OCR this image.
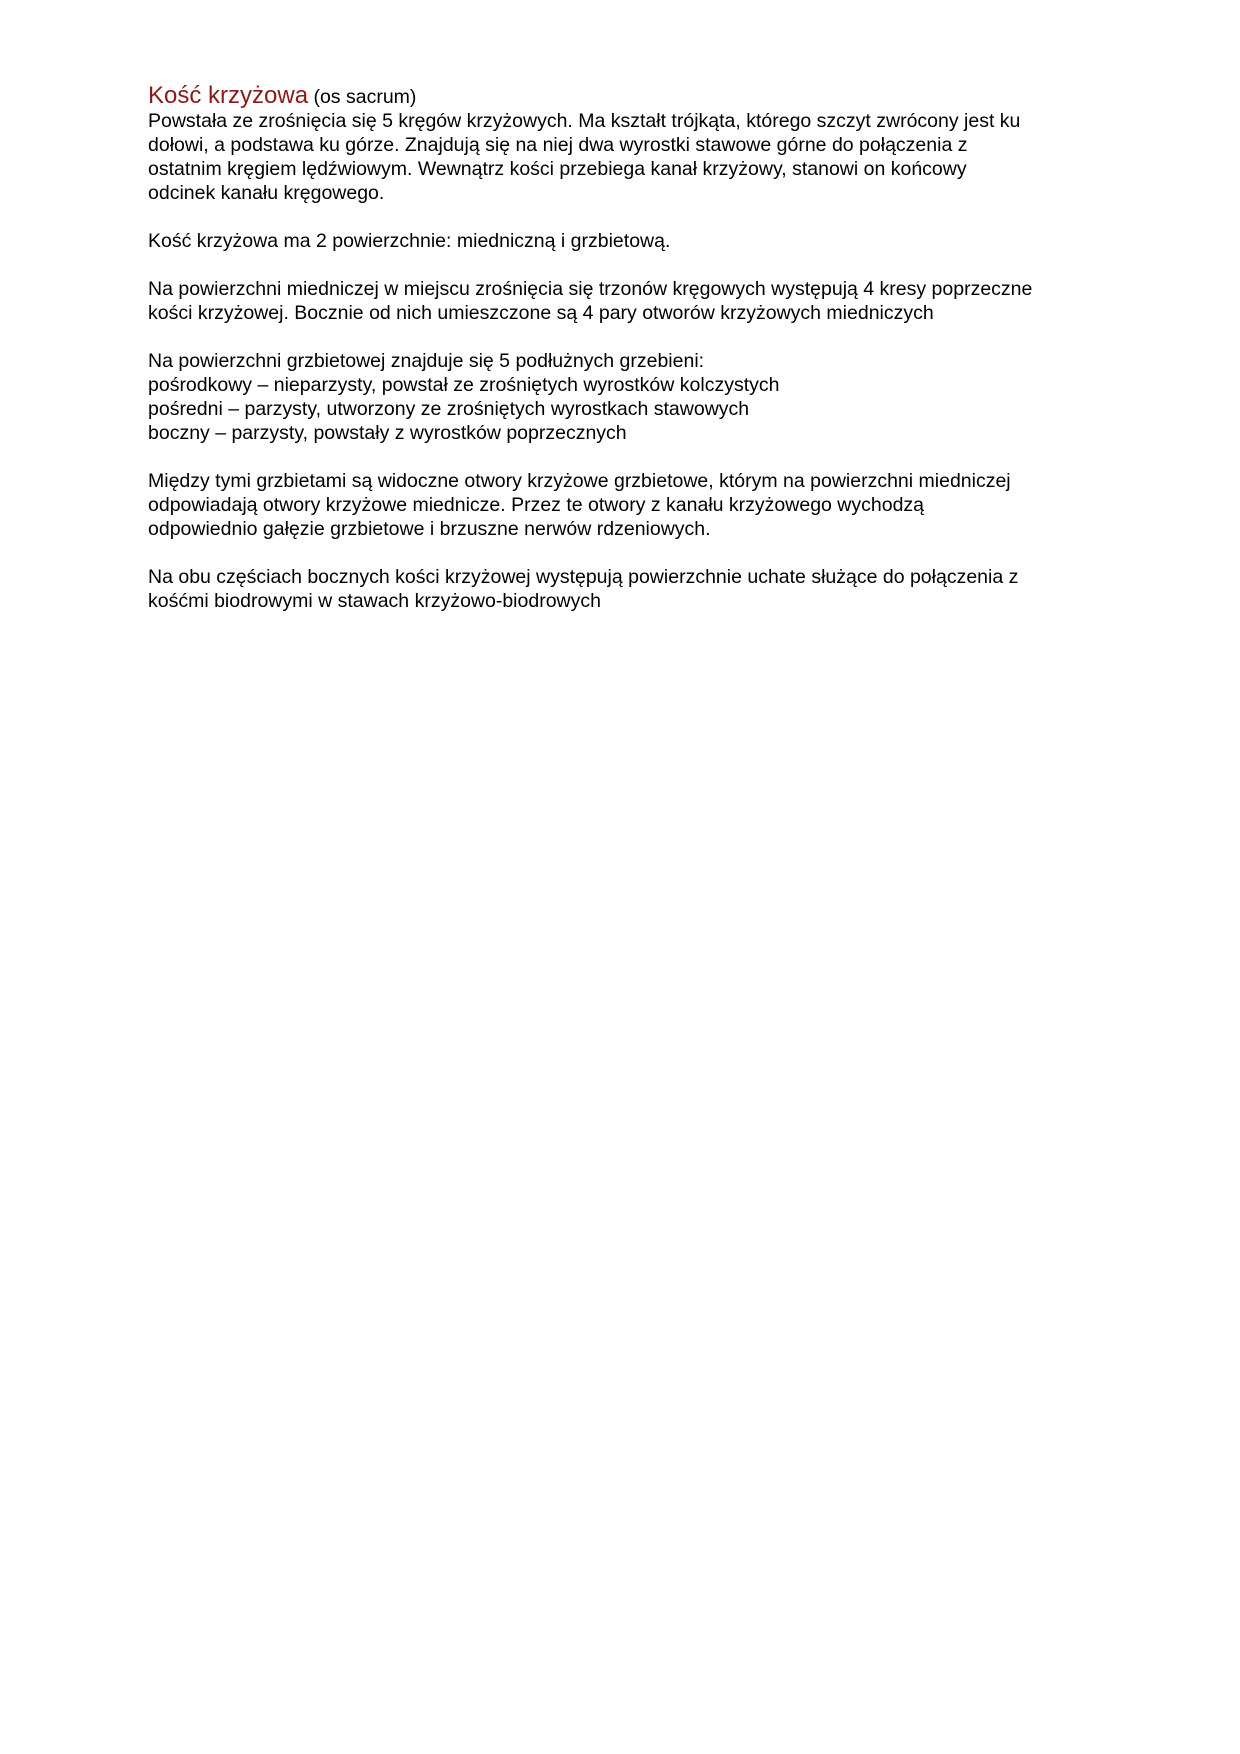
Kość krzyżowa (os sacrum)

Powstała ze zrośnięcia się 5 kręgów krzyżowych. Ma kształt trójkąta, którego szczyt zwrócony jest ku
dołowi, a podstawa ku górze. Znajdują się na niej dwa wyrostki stawowe górne do połączenia z
ostatnim kręgiem lędźwiowym. Wewnątrz kości przebiega kanał krzyżowy, stanowi on końcowy
odcinek kanału kręgowego.
Kość krzyżowa ma 2 powierzchnie: miedniczną i grzbietową.
Na powierzchni miedniczej w miejscu zrośnięcia się trzonów kręgowych występują 4 kresy poprzeczne
kości krzyżowej. Bocznie od nich umieszczone są 4 pary otworów krzyżowych miedniczych
Na powierzchni grzbietowej znajduje się 5 podłużnych grzebieni:
pośrodkowy – nieparzysty, powstał ze zrośniętych wyrostków kolczystych
pośredni – parzysty, utworzony ze zrośniętych wyrostkach stawowych
boczny – parzysty, powstały z wyrostków poprzecznych
Między tymi grzbietami są widoczne otwory krzyżowe grzbietowe, którym na powierzchni miedniczej
odpowiadają otwory krzyżowe miednicze. Przez te otwory z kanału krzyżowego wychodzą
odpowiednio gałęzie grzbietowe i brzuszne nerwów rdzeniowych.
Na obu częściach bocznych kości krzyżowej występują powierzchnie uchate służące do połączenia z
kośćmi biodrowymi w stawach krzyżowo-biodrowych
